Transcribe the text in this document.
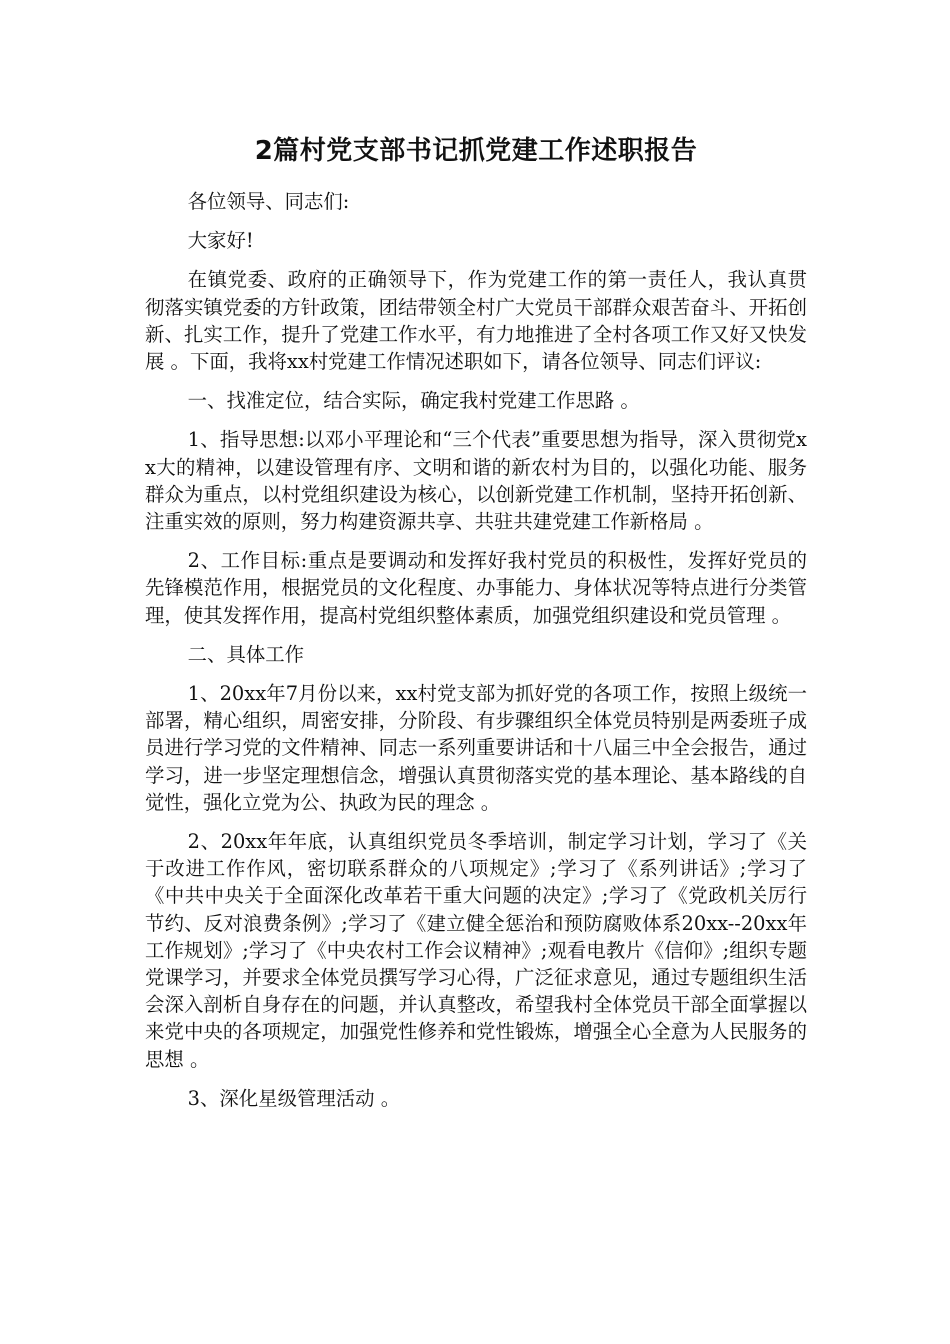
2篇村党支部书记抓党建工作述职报告

各位领导、同志们:

大家好!

在镇党委、政府的正确领导下，作为党建工作的第一责任人，我认真贯彻落实镇党委的方针政策，团结带领全村广大党员干部群众艰苦奋斗、开拓创新、扎实工作，提升了党建工作水平，有力地推进了全村各项工作又好又快发展 。下面，我将xx村党建工作情况述职如下，请各位领导、同志们评议:

一、找准定位，结合实际，确定我村党建工作思路 。

1、指导思想:以邓小平理论和“三个代表”重要思想为指导，深入贯彻党xx大的精神，以建设管理有序、文明和谐的新农村为目的，以强化功能、服务群众为重点，以村党组织建设为核心，以创新党建工作机制，坚持开拓创新、注重实效的原则，努力构建资源共享、共驻共建党建工作新格局 。

2、工作目标:重点是要调动和发挥好我村党员的积极性，发挥好党员的先锋模范作用，根据党员的文化程度、办事能力、身体状况等特点进行分类管理，使其发挥作用，提高村党组织整体素质，加强党组织建设和党员管理 。

二、具体工作

1、20xx年7月份以来，xx村党支部为抓好党的各项工作，按照上级统一部署，精心组织，周密安排，分阶段、有步骤组织全体党员特别是两委班子成员进行学习党的文件精神、同志一系列重要讲话和十八届三中全会报告，通过学习，进一步坚定理想信念，增强认真贯彻落实党的基本理论、基本路线的自觉性，强化立党为公、执政为民的理念 。

2、20xx年年底，认真组织党员冬季培训，制定学习计划，学习了《关于改进工作作风，密切联系群众的八项规定》;学习了《系列讲话》;学习了《中共中央关于全面深化改革若干重大问题的决定》;学习了《党政机关厉行节约、反对浪费条例》;学习了《建立健全惩治和预防腐败体系20xx--20xx年工作规划》;学习了《中央农村工作会议精神》;观看电教片《信仰》;组织专题党课学习，并要求全体党员撰写学习心得，广泛征求意见，通过专题组织生活会深入剖析自身存在的问题，并认真整改，希望我村全体党员干部全面掌握以来党中央的各项规定，加强党性修养和党性锻炼，增强全心全意为人民服务的思想 。

3、深化星级管理活动 。
